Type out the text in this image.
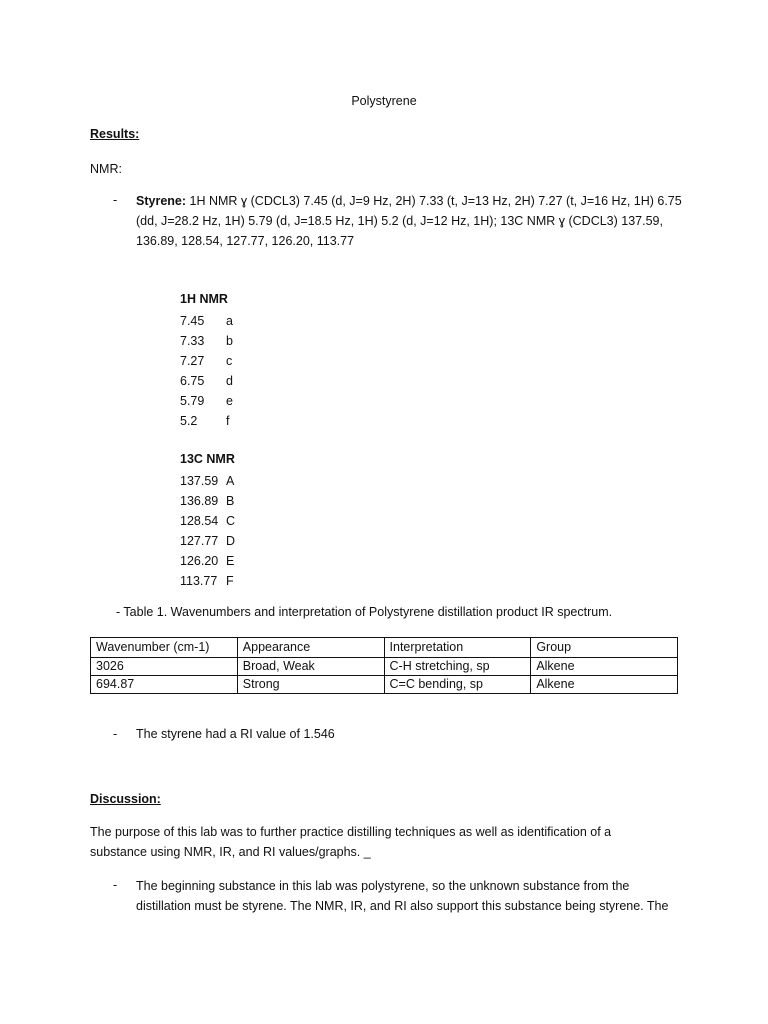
Polystyrene
Results:
NMR:
-	Styrene: 1H NMR ɣ (CDCL3) 7.45 (d, J=9 Hz, 2H) 7.33 (t, J=13 Hz, 2H) 7.27 (t, J=16 Hz, 1H) 6.75
(dd, J=28.2 Hz, 1H) 5.79 (d, J=18.5 Hz, 1H) 5.2 (d, J=12 Hz, 1H); 13C NMR ɣ (CDCL3) 137.59,
136.89, 128.54, 127.77, 126.20, 113.77
1H NMR
7.45 a
7.33 b
7.27 c
6.75 d
5.79 e
5.2 f
13C NMR
137.59 A
136.89 B
128.54 C
127.77 D
126.20 E
113.77 F
- Table 1. Wavenumbers and interpretation of Polystyrene distillation product IR spectrum.
Wavenumber (cm-1)	Appearance	Interpretation	Group
3026	Broad, Weak	C-H stretching, sp	Alkene
694.87	Strong	C=C bending, sp	Alkene
-	The styrene had a RI value of 1.546
Discussion:
The purpose of this lab was to further practice distilling techniques as well as identification of a
substance using NMR, IR, and RI values/graphs. _
-	The beginning substance in this lab was polystyrene, so the unknown substance from the
distillation must be styrene. The NMR, IR, and RI also support this substance being styrene. The
